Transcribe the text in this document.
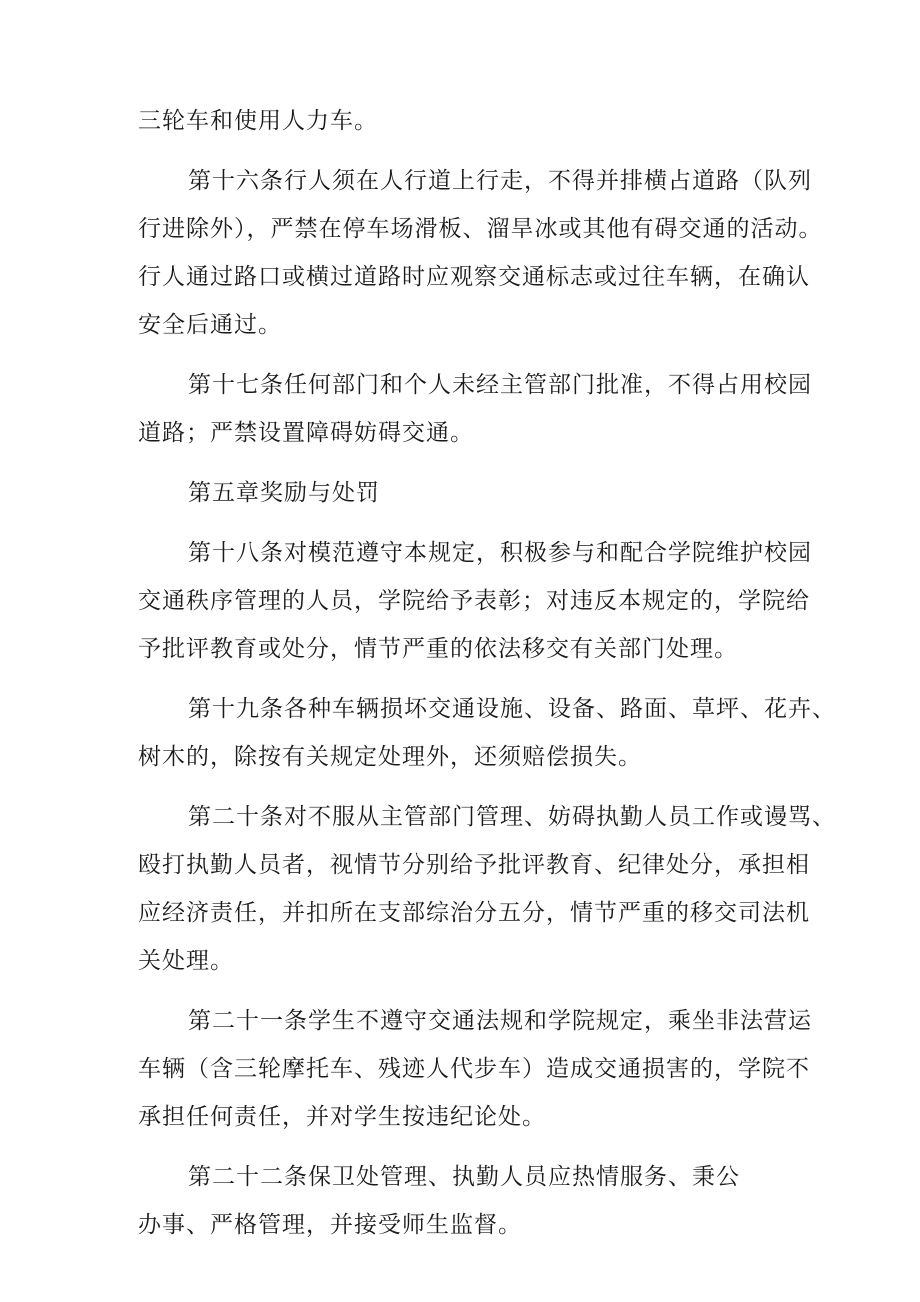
三轮车和使用人力车。
第十六条行人须在人行道上行走，不得并排横占道路（队列
行进除外），严禁在停车场滑板、溜旱冰或其他有碍交通的活动。
行人通过路口或横过道路时应观察交通标志或过往车辆，在确认
安全后通过。
第十七条任何部门和个人未经主管部门批准，不得占用校园
道路；严禁设置障碍妨碍交通。
第五章奖励与处罚
第十八条对模范遵守本规定，积极参与和配合学院维护校园
交通秩序管理的人员，学院给予表彰；对违反本规定的，学院给
予批评教育或处分，情节严重的依法移交有关部门处理。
第十九条各种车辆损坏交通设施、设备、路面、草坪、花卉、
树木的，除按有关规定处理外，还须赔偿损失。
第二十条对不服从主管部门管理、妨碍执勤人员工作或谩骂、
殴打执勤人员者，视情节分别给予批评教育、纪律处分，承担相
应经济责任，并扣所在支部综治分五分，情节严重的移交司法机
关处理。
第二十一条学生不遵守交通法规和学院规定，乘坐非法营运
车辆（含三轮摩托车、残迹人代步车）造成交通损害的，学院不
承担任何责任，并对学生按违纪论处。
第二十二条保卫处管理、执勤人员应热情服务、秉公
办事、严格管理，并接受师生监督。
